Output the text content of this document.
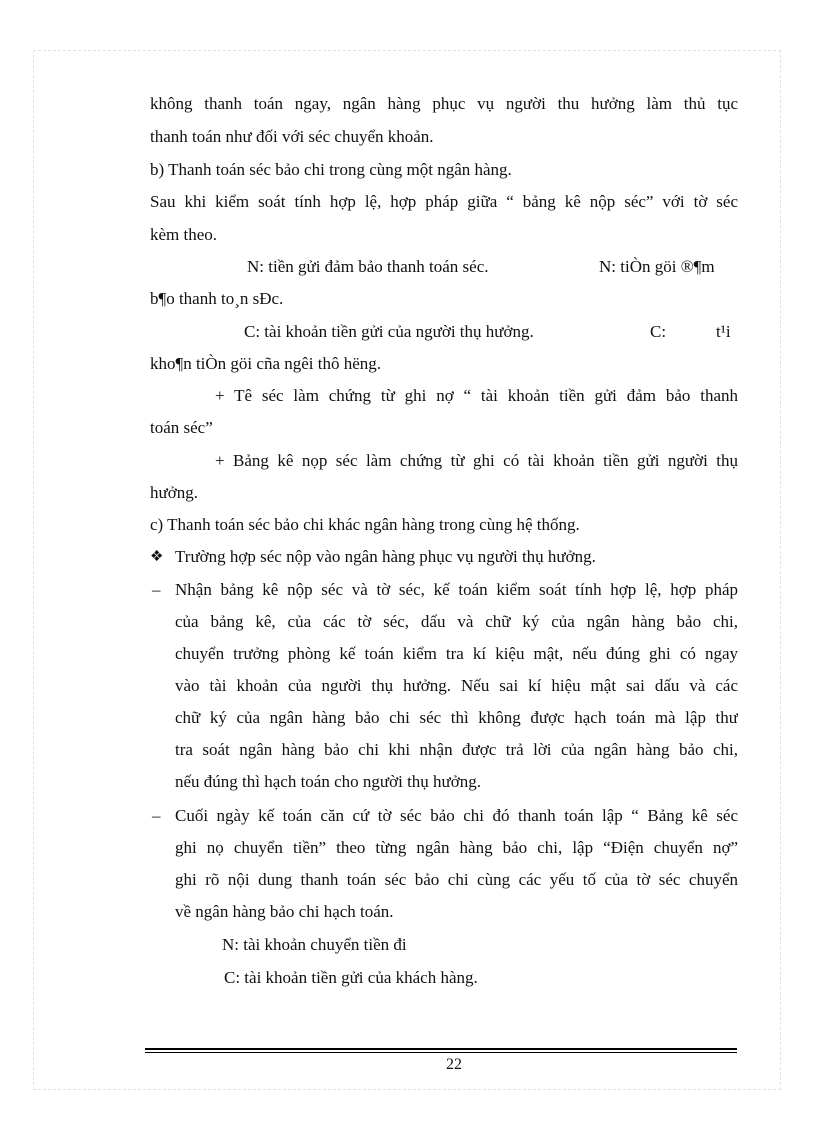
không thanh toán ngay, ngân hàng phục vụ người thu hưởng làm thủ tục
thanh toán như đối với séc chuyển khoản.
b) Thanh toán séc bảo chi trong cùng một ngân hàng.
Sau khi kiểm soát tính hợp lệ, hợp pháp giữa “ bảng kê nộp séc” với tờ séc
kèm theo.
N: tiền gửi đảm bảo thanh toán séc.	N: tiÒn göi ®¶m
b¶o thanh to¸n sÐc.
C: tài khoản tiền gửi của người thụ hưởng.	C:	t¹i
kho¶n tiÒn göi cña ngêi thô hëng.
+ Tê séc làm chứng từ ghi nợ “ tài khoản tiền gửi đảm bảo thanh
toán séc”
+ Bảng kê nọp séc làm chứng từ ghi có tài khoản tiền gửi người thụ
hưởng.
c) Thanh toán séc bảo chi khác ngân hàng trong cùng hệ thống.
❖ Trường hợp séc nộp vào ngân hàng phục vụ người thụ hưởng.
– Nhận bảng kê nộp séc và tờ séc, kế toán kiểm soát tính hợp lệ, hợp pháp
của bảng kê, của các tờ séc, dấu và chữ ký của ngân hàng bảo chi,
chuyển trưởng phòng kế toán kiểm tra kí kiệu mật, nếu đúng ghi có ngay
vào tài khoản của người thụ hưởng. Nếu sai kí hiệu mật sai dấu và các
chữ ký của ngân hàng bảo chi séc thì không được hạch toán mà lập thư
tra soát ngân hàng bảo chi khi nhận được trả lời của ngân hàng bảo chi,
nếu đúng thì hạch toán cho người thụ hưởng.
– Cuối ngày kế toán căn cứ tờ séc bảo chi đó thanh toán lập “ Bảng kê séc
ghi nọ chuyển tiền” theo từng ngân hàng bảo chi, lập “Điện chuyển nợ”
ghi rõ nội dung thanh toán séc bảo chi cùng các yếu tố của tờ séc chuyển
về ngân hàng bảo chi hạch toán.
N: tài khoản chuyển tiền đi
C: tài khoản tiền gửi của khách hàng.
22
